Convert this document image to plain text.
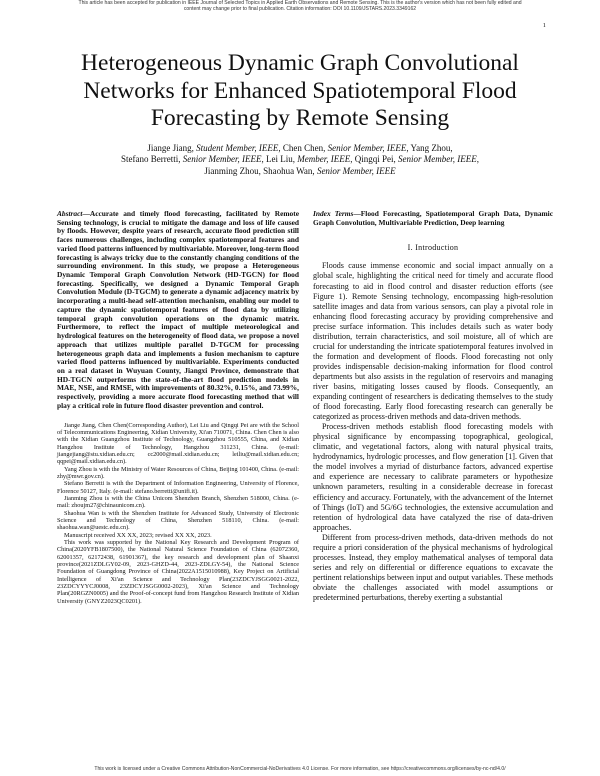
This article has been accepted for publication in IEEE Journal of Selected Topics in Applied Earth Observations and Remote Sensing. This is the author's version which has not been fully edited and
content may change prior to final publication. Citation information: DOI 10.1109/JSTARS.2023.3349162
1
Heterogeneous Dynamic Graph Convolutional Networks for Enhanced Spatiotemporal Flood Forecasting by Remote Sensing
Jiange Jiang, Student Member, IEEE, Chen Chen, Senior Member, IEEE, Yang Zhou,
Stefano Berretti, Senior Member, IEEE, Lei Liu, Member, IEEE, Qingqi Pei, Senior Member, IEEE,
Jianming Zhou, Shaohua Wan, Senior Member, IEEE

Abstract—Accurate and timely flood forecasting, facilitated by Remote Sensing technology, is crucial to mitigate the damage and loss of life caused by floods. However, despite years of research, accurate flood prediction still faces numerous challenges, including complex spatiotemporal features and varied flood patterns influenced by multivariable. Moreover, long-term flood forecasting is always tricky due to the constantly changing conditions of the surrounding environment. In this study, we propose a Heterogeneous Dynamic Temporal Graph Convolution Network (HD-TGCN) for flood forecasting. Specifically, we designed a Dynamic Temporal Graph Convolution Module (D-TGCM) to generate a dynamic adjacency matrix by incorporating a multi-head self-attention mechanism, enabling our model to capture the dynamic spatiotemporal features of flood data by utilizing temporal graph convolution operations on the dynamic matrix. Furthermore, to reflect the impact of multiple meteorological and hydrological features on the heterogeneity of flood data, we propose a novel approach that utilizes multiple parallel D-TGCM for processing heterogeneous graph data and implements a fusion mechanism to capture varied flood patterns influenced by multivariable. Experiments conducted on a real dataset in Wuyuan County, Jiangxi Province, demonstrate that HD-TGCN outperforms the state-of-the-art flood prediction models in MAE, NSE, and RMSE, with improvements of 80.32%, 0.15%, and 73.99%, respectively, providing a more accurate flood forecasting method that will play a critical role in future flood disaster prevention and control.

Jiange Jiang, Chen Chen(Corresponding Author), Lei Liu and Qingqi Pei are with the School of Telecommunications Engineering, Xidian University, Xi'an 710071, China. Chen Chen is also with the Xidian Guangzhou Institute of Technology, Guangzhou 510555, China, and Xidian Hangzhou Institute of Technology, Hangzhou 311231, China. (e-mail: jiangejiang@stu.xidian.edu.cn; cc2000@mail.xidian.edu.cn; leiliu@mail.xidian.edu.cn; qqpei@mail.xidian.edu.cn).

Yang Zhou is with the Ministry of Water Resources of China, Beijing 101400, China. (e-mail: zhy@mwr.gov.cn).

Stefano Berretti is with the Department of Information Engineering, University of Florence, Florence 50127, Italy. (e-mail: stefano.berretti@unifi.it).

Jianming Zhou is with the China Unicom Shenzhen Branch, Shenzhen 518000, China. (e-mail: zhoujm27@chinaunicom.cn).

Shaohua Wan is with the Shenzhen Institute for Advanced Study, University of Electronic Science and Technology of China, Shenzhen 518110, China. (e-mail: shaohua.wan@uestc.edu.cn).

Manuscript received XX XX, 2023; revised XX XX, 2023.

This work was supported by the National Key Research and Development Program of China(2020YFB1807500), the National Natural Science Foundation of China (62072360, 62001357, 62172438, 61901367), the key research and development plan of Shaanxi province(2021ZDLGY02-09, 2023-GHZD-44, 2023-ZDLGY-54), the National Science Foundation of Guangdong Province of China(2022A1515010988), Key Project on Artificial Intelligence of Xi'an Science and Technology Plan(23ZDCYJSGG0021-2022, 23ZDCYYYCJ0008, 23ZDCYJSGG0002-2023), Xi'an Science and Technology Plan(20RGZN0005) and the Proof-of-concept fund from Hangzhou Research Institute of Xidian University (GNYZ2023QC0201).

Index Terms—Flood Forecasting, Spatiotemporal Graph Data, Dynamic Graph Convolution, Multivariable Prediction, Deep learning

I. Introduction

Floods cause immense economic and social impact annually on a global scale, highlighting the critical need for timely and accurate flood forecasting to aid in flood control and disaster reduction efforts (see Figure 1). Remote Sensing technology, encompassing high-resolution satellite images and data from various sensors, can play a pivotal role in enhancing flood forecasting accuracy by providing comprehensive and precise surface information. This includes details such as water body distribution, terrain characteristics, and soil moisture, all of which are crucial for understanding the intricate spatiotemporal features involved in the formation and development of floods. Flood forecasting not only provides indispensable decision-making information for flood control departments but also assists in the regulation of reservoirs and managing river basins, mitigating losses caused by floods. Consequently, an expanding contingent of researchers is dedicating themselves to the study of flood forecasting. Early flood forecasting research can generally be categorized as process-driven methods and data-driven methods.

Process-driven methods establish flood forecasting models with physical significance by encompassing topographical, geological, climatic, and vegetational factors, along with natural physical traits, hydrodynamics, hydrologic processes, and flow generation [1]. Given that the model involves a myriad of disturbance factors, advanced expertise and experience are necessary to calibrate parameters or hypothesize unknown parameters, resulting in a considerable decrease in forecast efficiency and accuracy. Fortunately, with the advancement of the Internet of Things (IoT) and 5G/6G technologies, the extensive accumulation and retention of hydrological data have catalyzed the rise of data-driven approaches.

Different from process-driven methods, data-driven methods do not require a priori consideration of the physical mechanisms of hydrological processes. Instead, they employ mathematical analyses of temporal data series and rely on differential or difference equations to excavate the pertinent relationships between input and output variables. These methods obviate the challenges associated with model assumptions or predetermined perturbations, thereby exerting a substantial

This work is licensed under a Creative Commons Attribution-NonCommercial-NoDerivatives 4.0 License. For more information, see https://creativecommons.org/licenses/by-nc-nd/4.0/
